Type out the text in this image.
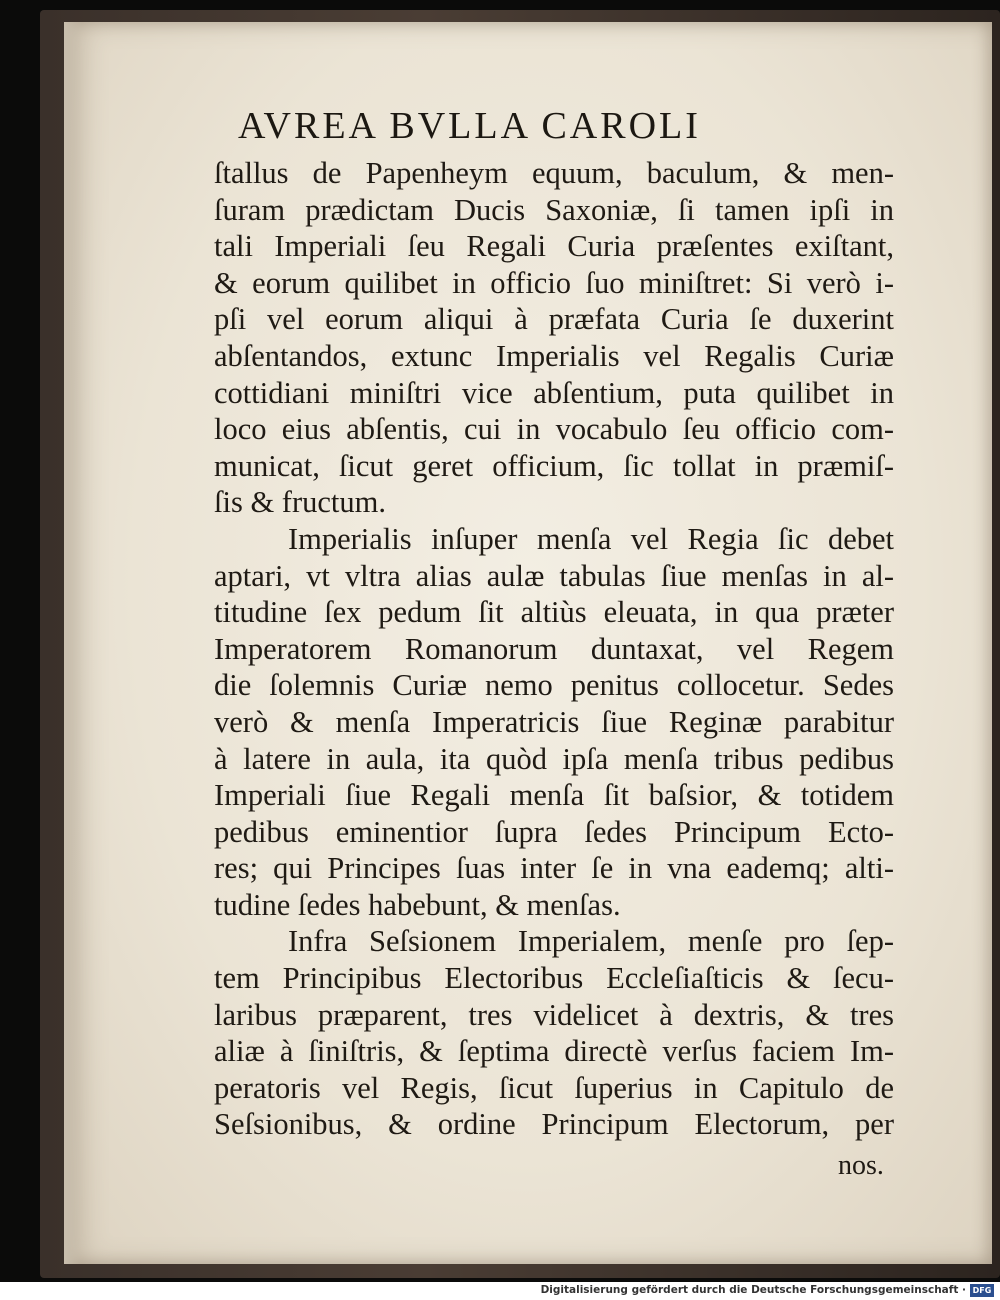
AVREA BVLLA CAROLI
ſtallus de Papenheym equum, baculum, & men-
ſuram prædictam Ducis Saxoniæ, ſi tamen ipſi in
tali Imperiali ſeu Regali Curia præſentes exiſtant,
& eorum quilibet in officio ſuo miniſtret: Si verò i-
pſi vel eorum aliqui à præfata Curia ſe duxerint
abſentandos, extunc Imperialis vel Regalis Curiæ
cottidiani miniſtri vice abſentium, puta quilibet in
loco eius abſentis, cui in vocabulo ſeu officio com-
municat, ſicut geret officium, ſic tollat in præmiſ-
ſis & fructum.
Imperialis inſuper menſa vel Regia ſic debet
aptari, vt vltra alias aulæ tabulas ſiue menſas in al-
titudine ſex pedum ſit altiùs eleuata, in qua præter
Imperatorem Romanorum duntaxat, vel Regem
die ſolemnis Curiæ nemo penitus collocetur. Sedes
verò & menſa Imperatricis ſiue Reginæ parabitur
à latere in aula, ita quòd ipſa menſa tribus pedibus
Imperiali ſiue Regali menſa ſit baſsior, & totidem
pedibus eminentior ſupra ſedes Principum Ecto-
res; qui Principes ſuas inter ſe in vna eademq; alti-
tudine ſedes habebunt, & menſas.
Infra Seſsionem Imperialem, menſe pro ſep-
tem Principibus Electoribus Eccleſiaſticis & ſecu-
laribus præparent, tres videlicet à dextris, & tres
aliæ à ſiniſtris, & ſeptima directè verſus faciem Im-
peratoris vel Regis, ſicut ſuperius in Capitulo de
Seſsionibus, & ordine Principum Electorum, per
nos.
Digitalisierung gefördert durch die Deutsche Forschungsgemeinschaft · DFG
